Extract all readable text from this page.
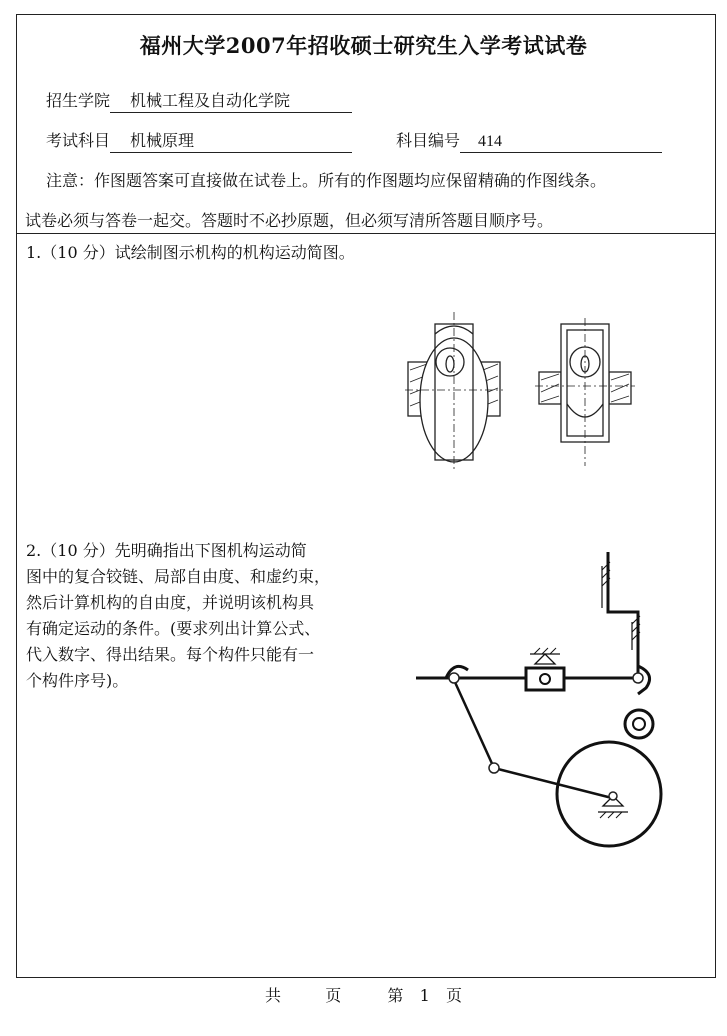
福州大学2007年招收硕士研究生入学考试试卷
招生学院 机械工程及自动化学院
考试科目 机械原理	科目编号 414
注意：作图题答案可直接做在试卷上。所有的作图题均应保留精确的作图线条。
试卷必须与答卷一起交。答题时不必抄原题，但必须写清所答题目顺序号。
1.（10 分）试绘制图示机构的机构运动简图。
2.（10 分）先明确指出下图机构运动简
图中的复合铰链、局部自由度、和虚约束，
然后计算机构的自由度，并说明该机构具
有确定运动的条件。(要求列出计算公式、
代入数字、得出结果。每个构件只能有一
个构件序号)。
共	页	第 1 页
